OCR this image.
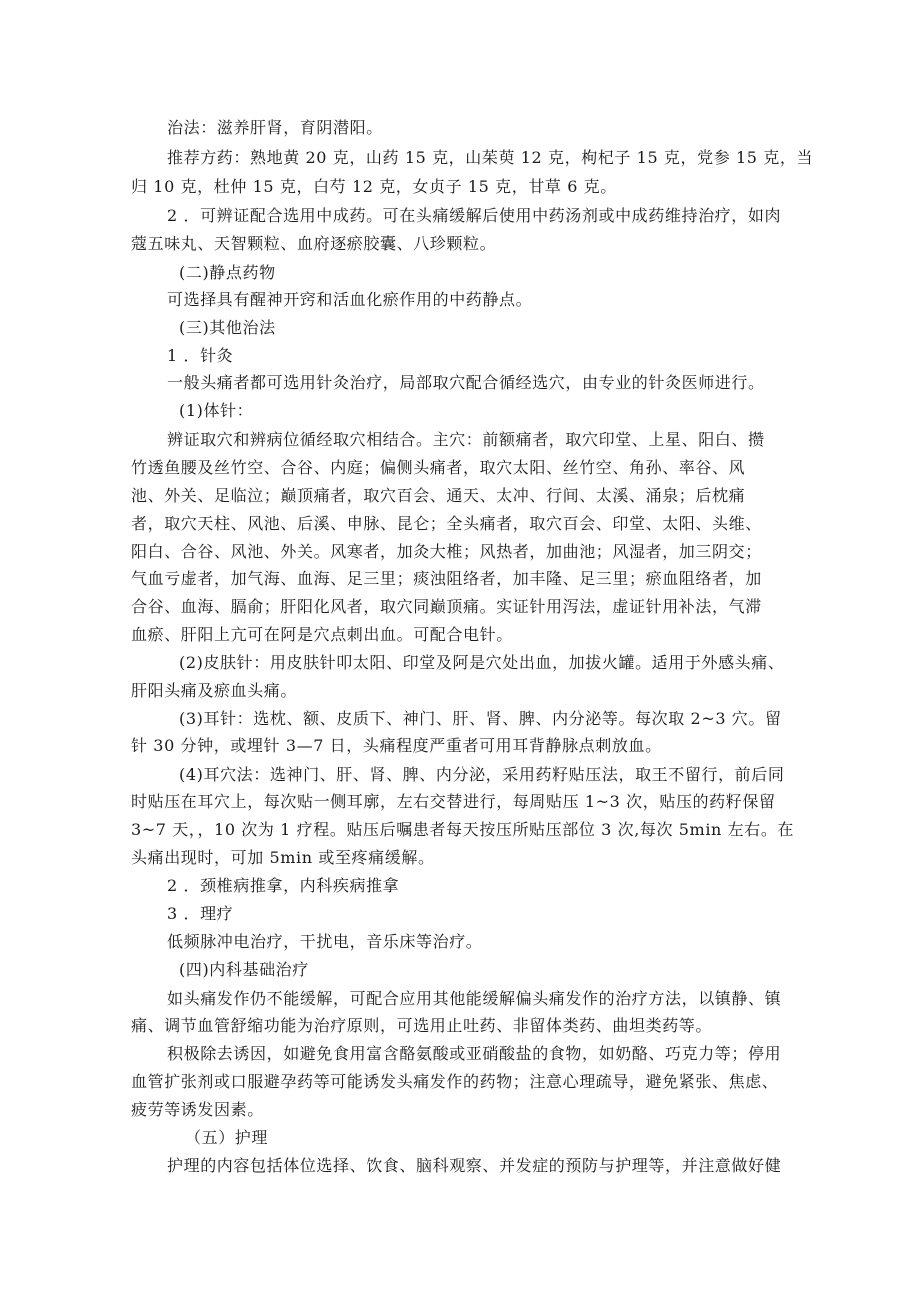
治法：滋养肝肾，育阴潜阳。
推荐方药：熟地黄 20 克，山药 15 克，山茱萸 12 克，枸杞子 15 克，党参 15 克，当
归 10 克，杜仲 15 克，白芍 12 克，女贞子 15 克，甘草 6 克。
2 ．可辨证配合选用中成药。可在头痛缓解后使用中药汤剂或中成药维持治疗，如肉
蔻五味丸、天智颗粒、血府逐瘀胶囊、八珍颗粒。
(二)静点药物
可选择具有醒神开窍和活血化瘀作用的中药静点。
(三)其他治法
1 ．针灸
一般头痛者都可选用针灸治疗，局部取穴配合循经选穴，由专业的针灸医师进行。
(1)体针：
辨证取穴和辨病位循经取穴相结合。主穴：前额痛者，取穴印堂、上星、阳白、攒
竹透鱼腰及丝竹空、合谷、内庭；偏侧头痛者，取穴太阳、丝竹空、角孙、率谷、风
池、外关、足临泣；巅顶痛者，取穴百会、通天、太冲、行间、太溪、涌泉；后枕痛
者，取穴天柱、风池、后溪、申脉、昆仑；全头痛者，取穴百会、印堂、太阳、头维、
阳白、合谷、风池、外关。风寒者，加灸大椎；风热者，加曲池；风湿者，加三阴交；
气血亏虚者，加气海、血海、足三里；痰浊阻络者，加丰隆、足三里；瘀血阻络者，加
合谷、血海、膈俞；肝阳化风者，取穴同巅顶痛。实证针用泻法，虚证针用补法，气滞
血瘀、肝阳上亢可在阿是穴点刺出血。可配合电针。
(2)皮肤针：用皮肤针叩太阳、印堂及阿是穴处出血，加拔火罐。适用于外感头痛、
肝阳头痛及瘀血头痛。
(3)耳针：选枕、额、皮质下、神门、肝、肾、脾、内分泌等。每次取 2~3 穴。留
针 30 分钟，或埋针 3—7 日，头痛程度严重者可用耳背静脉点刺放血。
(4)耳穴法：选神门、肝、肾、脾、内分泌，采用药籽贴压法，取王不留行，前后同
时贴压在耳穴上，每次贴一侧耳廓，左右交替进行，每周贴压 1~3 次，贴压的药籽保留
3~7 天，，10 次为 1 疗程。贴压后嘱患者每天按压所贴压部位 3 次,每次 5min 左右。在
头痛出现时，可加 5min 或至疼痛缓解。
2 ．颈椎病推拿，内科疾病推拿
3 ．理疗
低频脉冲电治疗，干扰电，音乐床等治疗。
(四)内科基础治疗
如头痛发作仍不能缓解，可配合应用其他能缓解偏头痛发作的治疗方法，以镇静、镇
痛、调节血管舒缩功能为治疗原则，可选用止吐药、非留体类药、曲坦类药等。
积极除去诱因，如避免食用富含酪氨酸或亚硝酸盐的食物，如奶酪、巧克力等；停用
血管扩张剂或口服避孕药等可能诱发头痛发作的药物；注意心理疏导，避免紧张、焦虑、
疲劳等诱发因素。
（五）护理
护理的内容包括体位选择、饮食、脑科观察、并发症的预防与护理等，并注意做好健
